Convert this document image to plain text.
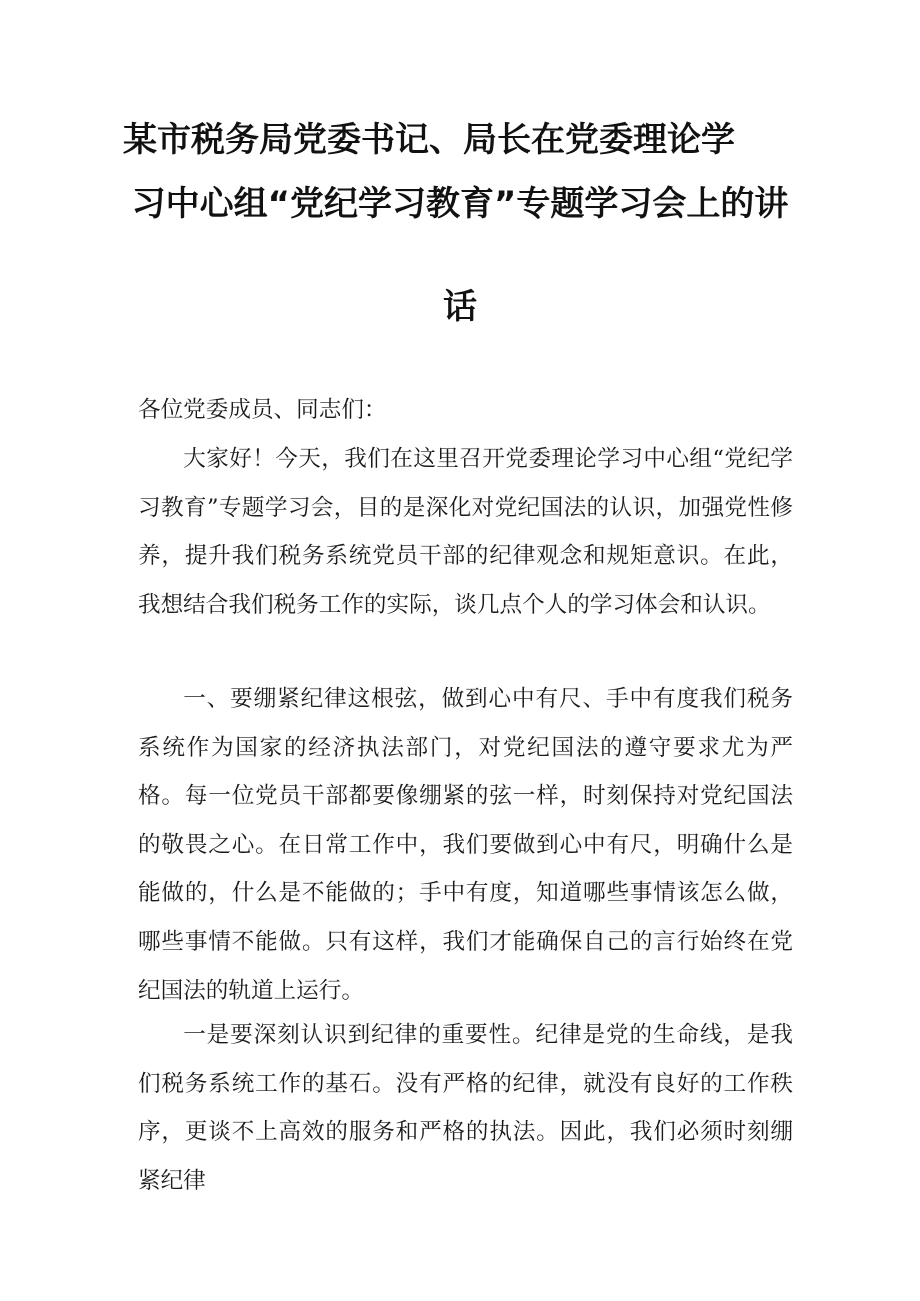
某市税务局党委书记、局长在党委理论学
习中心组“党纪学习教育”专题学习会上的讲
话

各位党委成员、同志们：

大家好！今天，我们在这里召开党委理论学习中心组“党纪学习教育”专题学习会，目的是深化对党纪国法的认识，加强党性修养，提升我们税务系统党员干部的纪律观念和规矩意识。在此，我想结合我们税务工作的实际，谈几点个人的学习体会和认识。

一、要绷紧纪律这根弦，做到心中有尺、手中有度我们税务系统作为国家的经济执法部门，对党纪国法的遵守要求尤为严格。每一位党员干部都要像绷紧的弦一样，时刻保持对党纪国法的敬畏之心。在日常工作中，我们要做到心中有尺，明确什么是能做的，什么是不能做的；手中有度，知道哪些事情该怎么做，哪些事情不能做。只有这样，我们才能确保自己的言行始终在党纪国法的轨道上运行。

一是要深刻认识到纪律的重要性。纪律是党的生命线，是我们税务系统工作的基石。没有严格的纪律，就没有良好的工作秩序，更谈不上高效的服务和严格的执法。因此，我们必须时刻绷紧纪律
